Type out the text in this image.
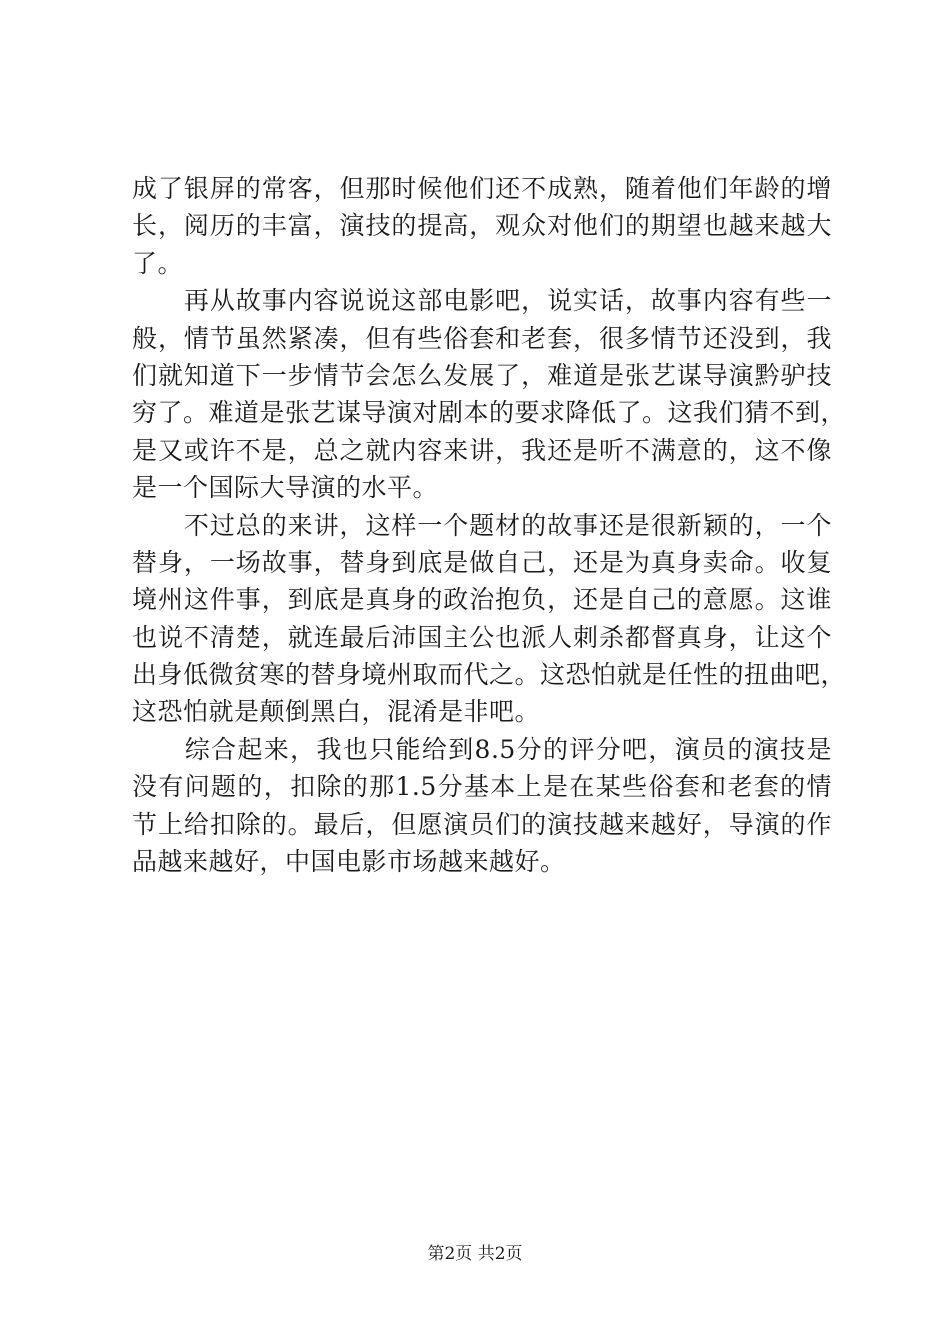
成了银屏的常客，但那时候他们还不成熟，随着他们年龄的增
长，阅历的丰富，演技的提高，观众对他们的期望也越来越大
了。
　　再从故事内容说说这部电影吧，说实话，故事内容有些一
般，情节虽然紧凑，但有些俗套和老套，很多情节还没到，我
们就知道下一步情节会怎么发展了，难道是张艺谋导演黔驴技
穷了。难道是张艺谋导演对剧本的要求降低了。这我们猜不到，
是又或许不是，总之就内容来讲，我还是听不满意的，这不像
是一个国际大导演的水平。
　　不过总的来讲，这样一个题材的故事还是很新颖的，一个
替身，一场故事，替身到底是做自己，还是为真身卖命。收复
境州这件事，到底是真身的政治抱负，还是自己的意愿。这谁
也说不清楚，就连最后沛国主公也派人刺杀都督真身，让这个
出身低微贫寒的替身境州取而代之。这恐怕就是任性的扭曲吧，
这恐怕就是颠倒黑白，混淆是非吧。
　　综合起来，我也只能给到8.5分的评分吧，演员的演技是
没有问题的，扣除的那1.5分基本上是在某些俗套和老套的情
节上给扣除的。最后，但愿演员们的演技越来越好，导演的作
品越来越好，中国电影市场越来越好。
第2页 共2页
